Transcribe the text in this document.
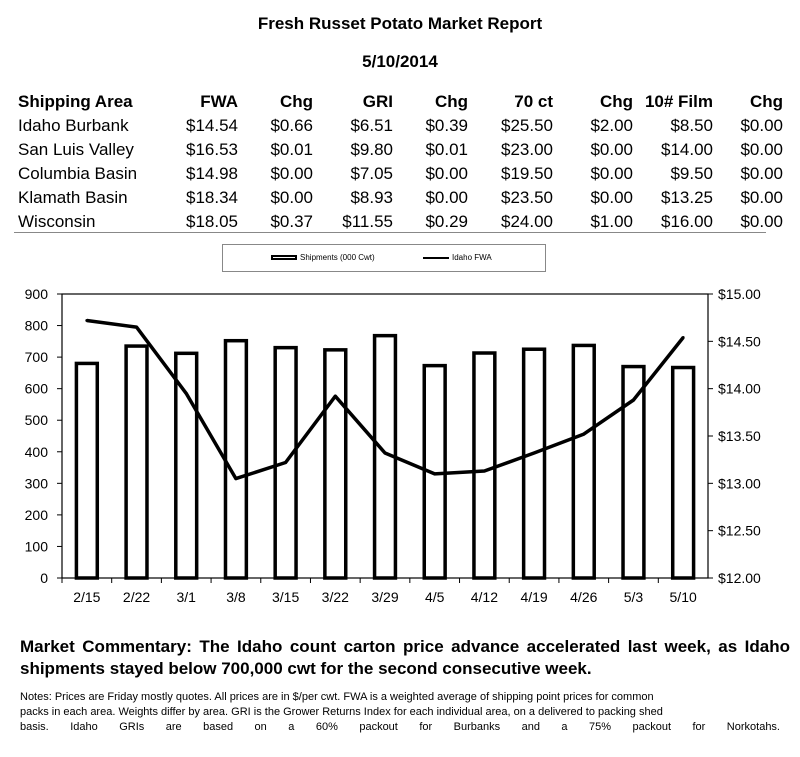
Fresh Russet Potato Market Report
5/10/2014
Shipping Area	FWA	Chg	GRI	Chg	70 ct	Chg	10# Film	Chg
Idaho Burbank	$14.54	$0.66	$6.51	$0.39	$25.50	$2.00	$8.50	$0.00
San Luis Valley	$16.53	$0.01	$9.80	$0.01	$23.00	$0.00	$14.00	$0.00
Columbia Basin	$14.98	$0.00	$7.05	$0.00	$19.50	$0.00	$9.50	$0.00
Klamath Basin	$18.34	$0.00	$8.93	$0.00	$23.50	$0.00	$13.25	$0.00
Wisconsin	$18.05	$0.37	$11.55	$0.29	$24.00	$1.00	$16.00	$0.00
Shipments (000 Cwt)	Idaho FWA
0
100
200
300
400
500
600
700
800
900
$12.00
$12.50
$13.00
$13.50
$14.00
$14.50
$15.00
2/15 2/22 3/1 3/8 3/15 3/22 3/29 4/5 4/12 4/19 4/26 5/3 5/10
Market Commentary: The Idaho count carton price advance accelerated last week, as Idaho shipments stayed below 700,000 cwt for the second consecutive week.
Notes: Prices are Friday mostly quotes. All prices are in $/per cwt. FWA is a weighted average of shipping point prices for common
packs in each area. Weights differ by area. GRI is the Grower Returns Index for each individual area, on a delivered to packing shed
basis. Idaho GRIs are based on a 60% packout for Burbanks and a 75% packout for Norkotahs.
